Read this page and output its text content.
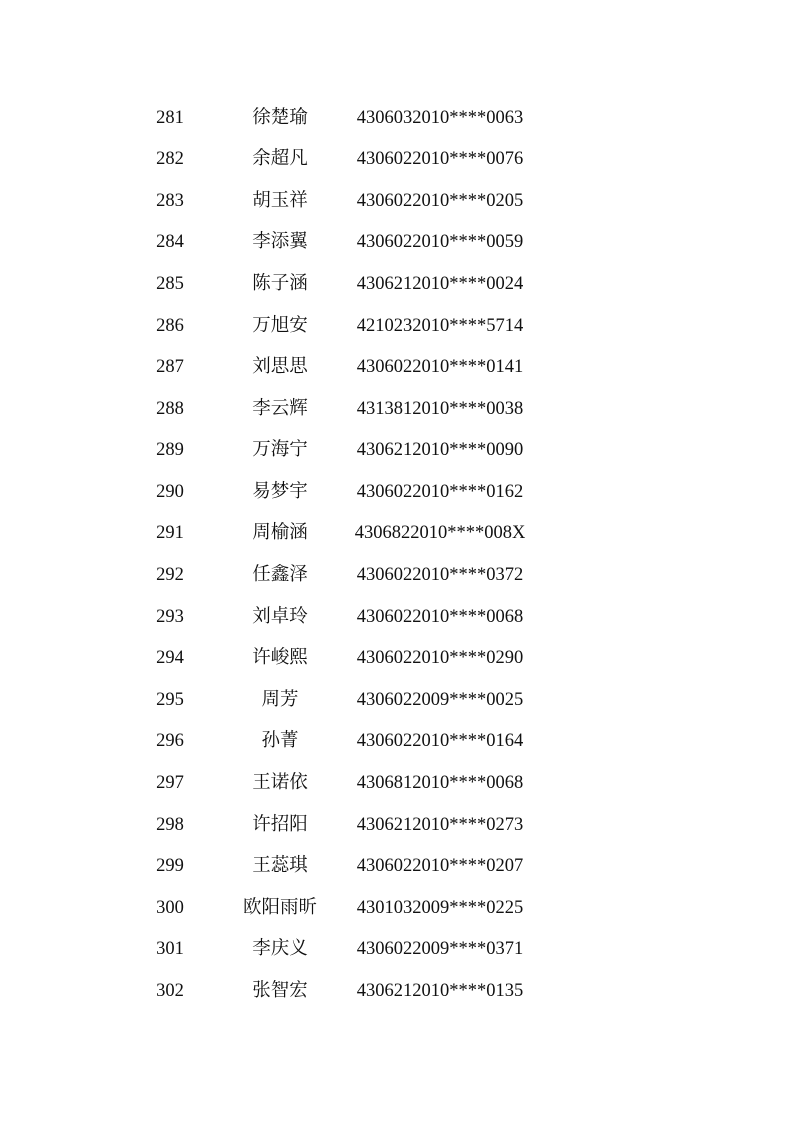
281	徐楚瑜	4306032010****0063
282	余超凡	4306022010****0076
283	胡玉祥	4306022010****0205
284	李添翼	4306022010****0059
285	陈子涵	4306212010****0024
286	万旭安	4210232010****5714
287	刘思思	4306022010****0141
288	李云辉	4313812010****0038
289	万海宁	4306212010****0090
290	易梦宇	4306022010****0162
291	周榆涵	4306822010****008X
292	任鑫泽	4306022010****0372
293	刘卓玲	4306022010****0068
294	许峻熙	4306022010****0290
295	周芳	4306022009****0025
296	孙菁	4306022010****0164
297	王诺依	4306812010****0068
298	许招阳	4306212010****0273
299	王蕊琪	4306022010****0207
300	欧阳雨昕	4301032009****0225
301	李庆义	4306022009****0371
302	张智宏	4306212010****0135
